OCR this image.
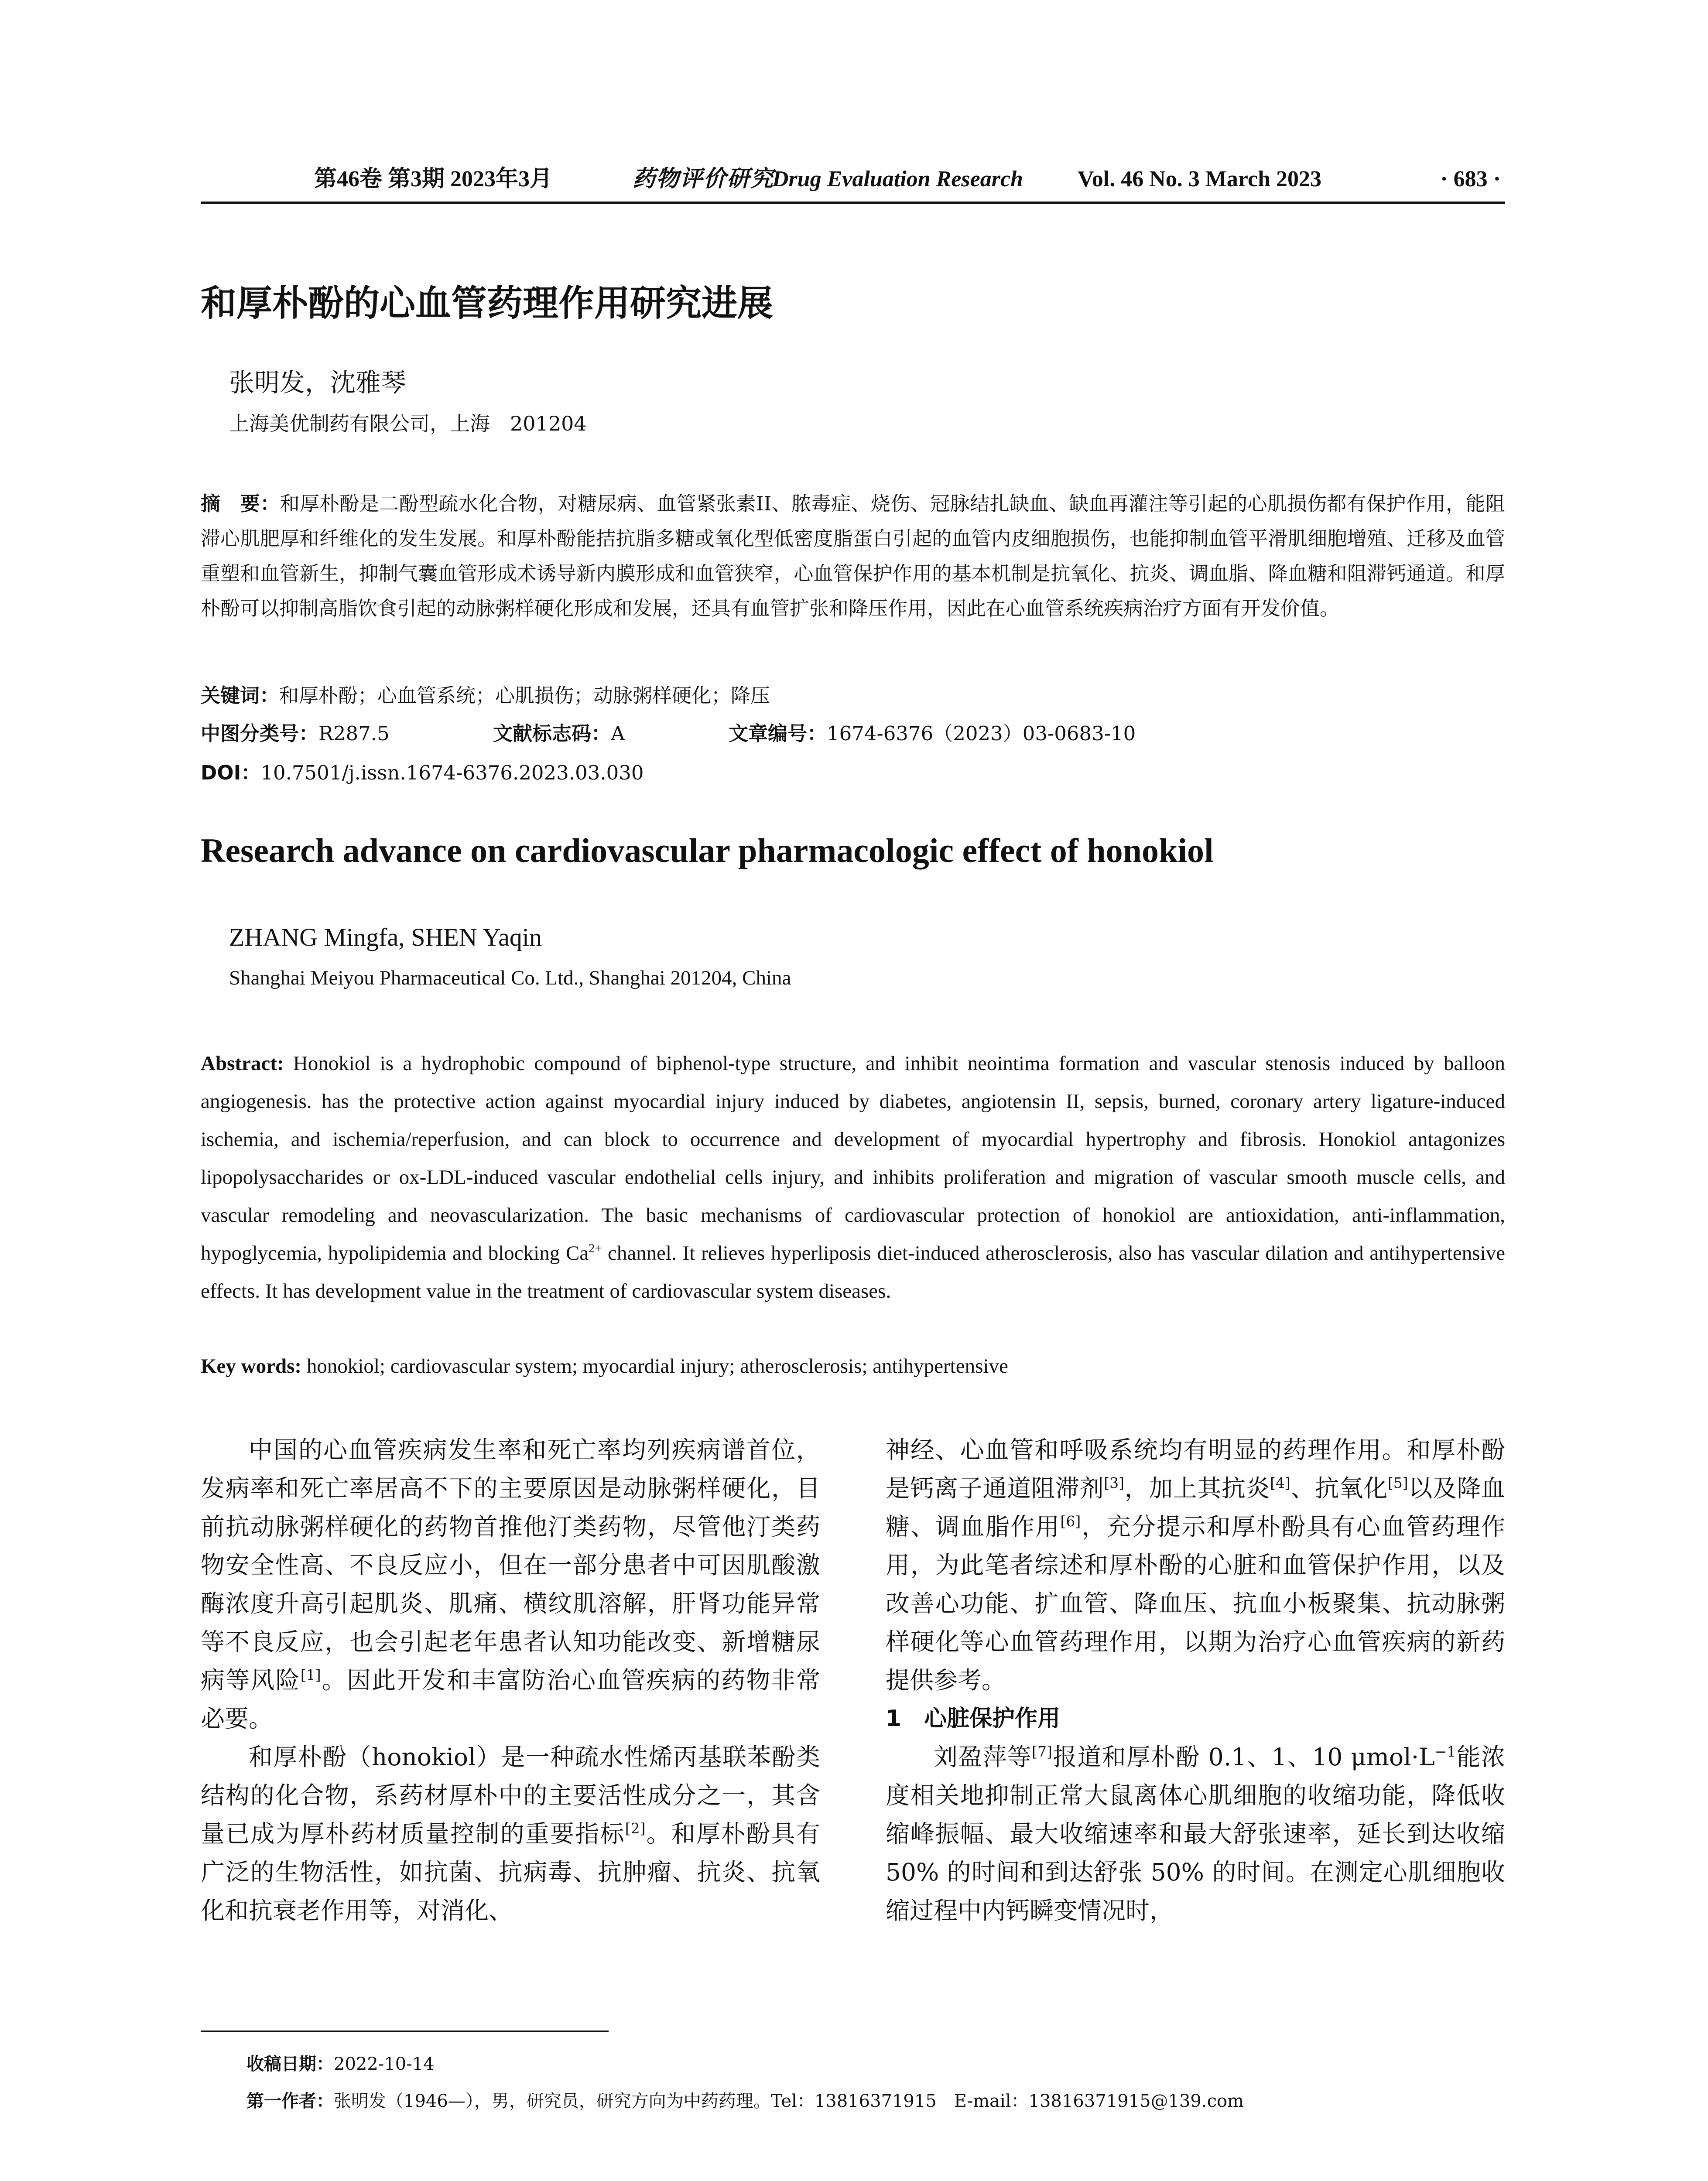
第46卷 第3期 2023年3月	药物评价研究
Drug Evaluation Research Vol. 46 No. 3 March 2023	· 683 ·
和厚朴酚的心血管药理作用研究进展
张明发，沈雅琴
上海美优制药有限公司，上海　201204
摘　要：和厚朴酚是二酚型疏水化合物，对糖尿病、血管紧张素II、脓毒症、烧伤、冠脉结扎缺血、缺血再灌注等引起的心肌损伤都有保护作用，能阻滞心肌肥厚和纤维化的发生发展。和厚朴酚能拮抗脂多糖或氧化型低密度脂蛋白引起的血管内皮细胞损伤，也能抑制血管平滑肌细胞增殖、迁移及血管重塑和血管新生，抑制气囊血管形成术诱导新内膜形成和血管狭窄，心血管保护作用的基本机制是抗氧化、抗炎、调血脂、降血糖和阻滞钙通道。和厚朴酚可以抑制高脂饮食引起的动脉粥样硬化形成和发展，还具有血管扩张和降压作用，因此在心血管系统疾病治疗方面有开发价值。
关键词：和厚朴酚；心血管系统；心肌损伤；动脉粥样硬化；降压
中图分类号：R287.5	文献标志码：A	文章编号：1674-6376（2023）03-0683-10
DOI：10.7501/j.issn.1674-6376.2023.03.030
Research advance on cardiovascular pharmacologic effect of honokiol
ZHANG Mingfa, SHEN Yaqin
Shanghai Meiyou Pharmaceutical Co. Ltd., Shanghai 201204, China
Abstract: Honokiol is a hydrophobic compound of biphenol-type structure, and inhibit neointima formation and vascular stenosis induced by balloon angiogenesis. has the protective action against myocardial injury induced by diabetes, angiotensin II, sepsis, burned, coronary artery ligature-induced ischemia, and ischemia/reperfusion, and can block to occurrence and development of myocardial hypertrophy and fibrosis. Honokiol antagonizes lipopolysaccharides or ox-LDL-induced vascular endothelial cells injury, and inhibits proliferation and migration of vascular smooth muscle cells, and vascular remodeling and neovascularization. The basic mechanisms of cardiovascular protection of honokiol are antioxidation, anti-inflammation, hypoglycemia, hypolipidemia and blocking $Ca^{2+}$ channel. It relieves hyperliposis diet-induced atherosclerosis, also has vascular dilation and antihypertensive effects. It has development value in the treatment of cardiovascular system diseases.
Key words: honokiol; cardiovascular system; myocardial injury; atherosclerosis; antihypertensive

中国的心血管疾病发生率和死亡率均列疾病谱首位，发病率和死亡率居高不下的主要原因是动脉粥样硬化，目前抗动脉粥样硬化的药物首推他汀类药物，尽管他汀类药物安全性高、不良反应小，但在一部分患者中可因肌酸激酶浓度升高引起肌炎、肌痛、横纹肌溶解，肝肾功能异常等不良反应，也会引起老年患者认知功能改变、新增糖尿病等风险[1]。因此开发和丰富防治心血管疾病的药物非常必要。

和厚朴酚（honokiol）是一种疏水性烯丙基联苯酚类结构的化合物，系药材厚朴中的主要活性成分之一，其含量已成为厚朴药材质量控制的重要指标[2]。和厚朴酚具有广泛的生物活性，如抗菌、抗病毒、抗肿瘤、抗炎、抗氧化和抗衰老作用等，对消化、

神经、心血管和呼吸系统均有明显的药理作用。和厚朴酚是钙离子通道阻滞剂[3]，加上其抗炎[4]、抗氧化[5]以及降血糖、调血脂作用[6]，充分提示和厚朴酚具有心血管药理作用，为此笔者综述和厚朴酚的心脏和血管保护作用，以及改善心功能、扩血管、降血压、抗血小板聚集、抗动脉粥样硬化等心血管药理作用，以期为治疗心血管疾病的新药提供参考。

1　心脏保护作用

刘盈萍等[7]报道和厚朴酚 0.1、1、10 $\mu mol\cdot L^{-1}$能浓度相关地抑制正常大鼠离体心肌细胞的收缩功能，降低收缩峰振幅、最大收缩速率和最大舒张速率，延长到达收缩 50% 的时间和到达舒张 50% 的时间。在测定心肌细胞收缩过程中内钙瞬变情况时，

收稿日期：2022-10-14
第一作者：张明发（1946—），男，研究员，研究方向为中药药理。Tel：13816371915　E-mail：13816371915@139.com
